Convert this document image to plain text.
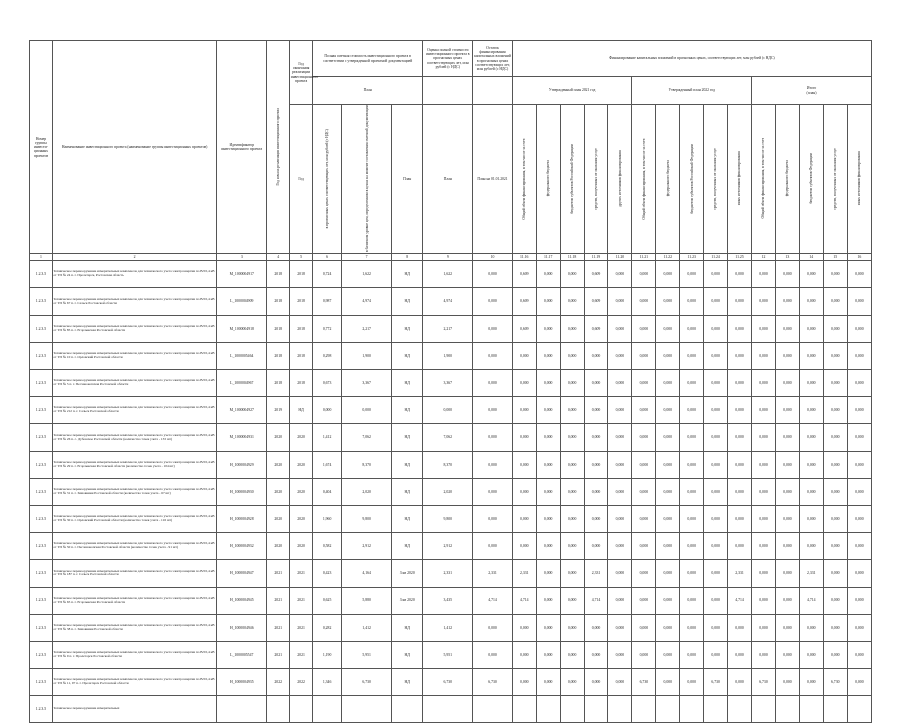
Номер группы инвести-ционных проектов	Наименование инвестиционного проекта (наименование группы инвестиционных проектов)	Идентификатор инвестиционного проекта	Год начала реализации инвестиционного проекта	Год окончания реализации инвестиционного проекта	Полная сметная стоимость инвестиционного проекта в соответствии с утвержденной проектной документацией			Оценка полной стоимости инвестиционного проекта в прогнозных ценах соответствующих лет, млн рублей (с НДС)	Остаток финансирования капитальных вложений в прогнозных ценах соответствующих лет, млн рублей (с НДС)	Финансирование капитальных вложений в прогнозных ценах, соответствующих лет, млн рублей (с НДС)														
					План					Утвержденный план 2021 год					Утвержденный план 2022 год					Итого
(план)				
				Год	в прогнозных ценах соответствующих лет, млн рублей (с НДС)	в базисном уровне цен, определенном в ценах на момент составления сметной документации	План	План	План на 01.01.2021	Общий объем финансирования, в том числе за счет:	федерального бюджета	бюджетов субъектов Российской Федерации	средств, полученных от оказания услуг	других источников финансирования	Общий объем финансирования, в том числе за счет:	федерального бюджета	бюджетов субъектов Российской Федерации	средств, полученных от оказания услуг	иных источников финансирования	Общий объем финансирования, в том числе за счет	федерального бюджета	бюджетов субъектов Федерации	средств, полученных от оказания услуг	иных источников финансирования
1	2	3	4	5	6	7	8	9	10	11.16	11.17	11.18	11.19	11.20	11.21	11.22	11.23	11.24	11.25	12	13	14	15	16
1.2.3.5	Техническое перевооружение измерительных комплексов для технического учета электроэнергии по ВЛ 0,4 кВ от ТП № 24 п. г. Пролетарск, Ростовская область	M_1000004917	2018	2018	0,724	1,622	НД	1,622	0,000	0,609	0,000	0,000	0,609	0,000	0,000	0,000	0,000	0,000	0,000	0,000	0,000	0,000	0,000	0,000
1.2.3.5	Техническое перевооружение измерительных комплексов для технического учета электроэнергии по ВЛ 0,4 кВ от ТП № 67 п. г. Сальск Ростовской области	L_1000004909	2018	2018	0,987	4,974	НД	4,974	0,000	0,609	0,000	0,000	0,609	0,000	0,000	0,000	0,000	0,000	0,000	0,000	0,000	0,000	0,000	0,000
1.2.3.5	Техническое перевооружение измерительных комплексов для технического учета электроэнергии по ВЛ 0,4 кВ от ТП № 85 п. г. Егорлыкская Ростовской области	M_1000004918	2018	2018	0,772	2,217	НД	2,217	0,000	0,609	0,000	0,000	0,609	0,000	0,000	0,000	0,000	0,000	0,000	0,000	0,000	0,000	0,000	0,000
1.2.3.5	Техническое перевооружение измерительных комплексов для технического учета электроэнергии по ВЛ 0,4 кВ от ТП № 10 п. г. Орловский Ростовской области	L_1000005464	2018	2018	0,298	1,900	НД	1,900	0,000	0,000	0,000	0,000	0,000	0,000	0,000	0,000	0,000	0,000	0,000	0,000	0,000	0,000	0,000	0,000
1.2.3.5	Техническое перевооружение измерительных комплексов для технического учета электроэнергии по ВЛ 0,4 кВ от ТП № 5 п. г. Песчанокопская Ростовской области	L_1000004967	2018	2018	0,673	3,367	НД	3,367	0,000	0,000	0,000	0,000	0,000	0,000	0,000	0,000	0,000	0,000	0,000	0,000	0,000	0,000	0,000	0,000
1.2.3.5	Техническое перевооружение измерительных комплексов для технического учета электроэнергии по ВЛ 0,4 кВ от ТП № 212 п. г. Сальск Ростовской области	M_1000004927	2019	НД	0,000	0,000	НД	0,000	0,000	0,000	0,000	0,000	0,000	0,000	0,000	0,000	0,000	0,000	0,000	0,000	0,000	0,000	0,000	0,000
1.2.3.5	Техническое перевооружение измерительных комплексов для технического учета электроэнергии по ВЛ 0,4 кВ от ТП № 26 п. с. Дубовское Ростовской области (количество точек учета - 133 шт)	M_1000004931	2020	2020	1,412	7,062	НД	7,062	0,000	0,000	0,000	0,000	0,000	0,000	0,000	0,000	0,000	0,000	0,000	0,000	0,000	0,000	0,000	0,000
1.2.3.5	Техническое перевооружение измерительных комплексов для технического учета электроэнергии по ВЛ 0,4 кВ от ТП № 29 п. г. Егорлыкская Ростовской области (количество точек учета - 104 шт)	H_1000004929	2020	2020	1,674	8,370	НД	8,370	0,000	0,000	0,000	0,000	0,000	0,000	0,000	0,000	0,000	0,000	0,000	0,000	0,000	0,000	0,000	0,000
1.2.3.5	Техническое перевооружение измерительных комплексов для технического учета электроэнергии по ВЛ 0,4 кВ от ТП № 31 п. г. Зимовники Ростовской области (количество точек учета - 67 шт)	H_1000004930	2020	2020	0,404	2,020	НД	2,020	0,000	0,000	0,000	0,000	0,000	0,000	0,000	0,000	0,000	0,000	0,000	0,000	0,000	0,000	0,000	0,000
1.2.3.5	Техническое перевооружение измерительных комплексов для технического учета электроэнергии по ВЛ 0,4 кВ от ТП № 30 п. г. Орловский Ростовской области (количество точек учета - 116 шт)	H_1000004928	2020	2020	1,960	9,800	НД	9,800	0,000	0,000	0,000	0,000	0,000	0,000	0,000	0,000	0,000	0,000	0,000	0,000	0,000	0,000	0,000	0,000
1.2.3.5	Техническое перевооружение измерительных комплексов для технического учета электроэнергии по ВЛ 0,4 кВ от ТП № 50 п. г. Песчанокопская Ростовской области (количество точек учета - 91 шт)	H_1000004932	2020	2020	0,582	2,912	НД	2,912	0,000	0,000	0,000	0,000	0,000	0,000	0,000	0,000	0,000	0,000	0,000	0,000	0,000	0,000	0,000	0,000
1.2.3.5	Техническое перевооружение измерительных комплексов для технического учета электроэнергии по ВЛ 0,4 кВ от ТП № 187 п. г. Сальск Ростовской области	H_1000004947	2021	2021	0,423	4,164	3 кв 2020	2,331	2,331	2,331	0,000	0,000	2,331	0,000	0,000	0,000	0,000	0,000	2,331	0,000	0,000	2,331	0,000	0,000
1.2.3.5	Техническое перевооружение измерительных комплексов для технического учета электроэнергии по ВЛ 0,4 кВ от ТП № 65 п. г. Егорлыкская Ростовской области	H_1000004945	2021	2021	0,625	5,880	3 кв 2020	3,435	4,714	4,714	0,000	0,000	4,714	0,000	0,000	0,000	0,000	0,000	4,714	0,000	0,000	4,714	0,000	0,000
1.2.3.5	Техническое перевооружение измерительных комплексов для технического учета электроэнергии по ВЛ 0,4 кВ от ТП № 38 п. г. Зимовники Ростовской области	H_1000004946	2021	2021	0,282	1,412	НД	1,412	0,000	0,000	0,000	0,000	0,000	0,000	0,000	0,000	0,000	0,000	0,000	0,000	0,000	0,000	0,000	0,000
1.2.3.5	Техническое перевооружение измерительных комплексов для технического учета электроэнергии по ВЛ 0,4 кВ от ТП № 9 п. г. Пролетарск Ростовской области	L_1000005547	2021	2021	1,190	5,951	НД	5,951	0,000	0,000	0,000	0,000	0,000	0,000	0,000	0,000	0,000	0,000	0,000	0,000	0,000	0,000	0,000	0,000
1.2.3.5	Техническое перевооружение измерительных комплексов для технического учета электроэнергии по ВЛ 0,4 кВ от ТП № 11, 97 п. г. Пролетарск Ростовской области	H_1000004935	2022	2022	1,346	6,730	НД	6,730	6,730	0,000	0,000	0,000	0,000	0,000	6,730	0,000	0,000	6,730	0,000	6,730	0,000	0,000	6,730	0,000
1.2.3.5	Техническое перевооружение измерительных																							
